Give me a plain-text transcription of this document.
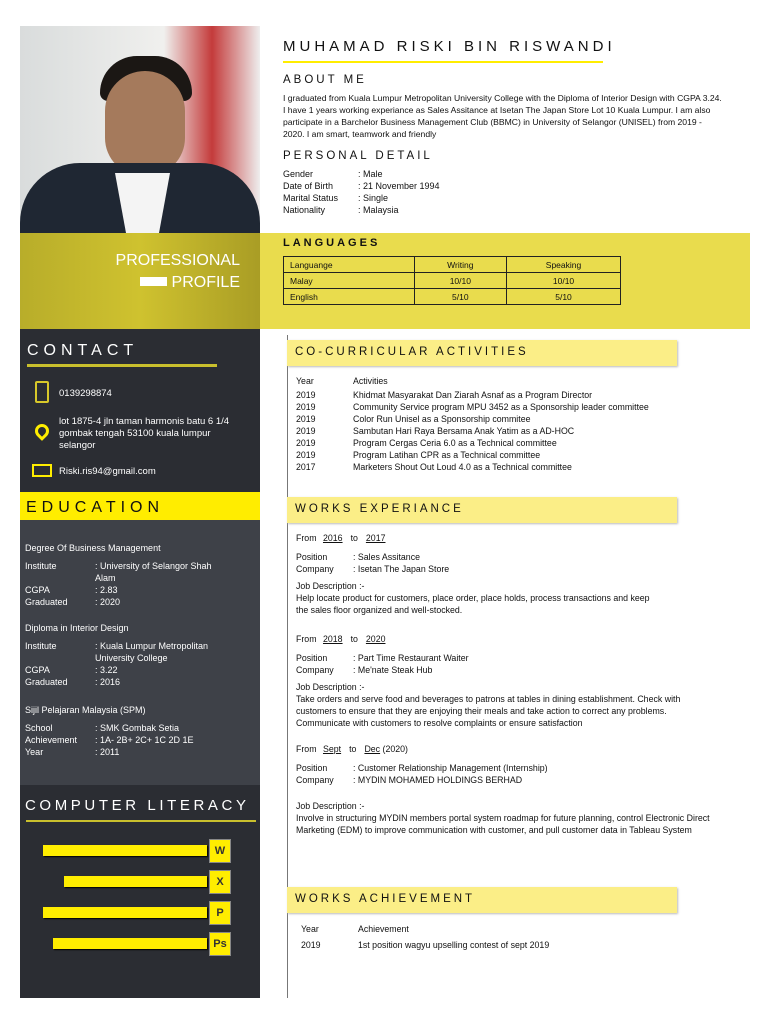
MUHAMAD RISKI BIN RISWANDI
ABOUT ME
I graduated from Kuala Lumpur Metropolitan University College with the Diploma of Interior Design with CGPA 3.24. I have 1 years working experiance as Sales Assitance at Isetan The Japan Store Lot 10 Kuala Lumpur. I am also participate in a Barchelor Business Management Club (BBMC) in University of Selangor (UNISEL) from 2019 - 2020. I am smart, teamwork and friendly
PERSONAL DETAIL
Gender	: Male
Date of Birth	: 21 November 1994
Marital Status	: Single
Nationality	: Malaysia
PROFESSIONAL
PROFILE
LANGUAGES
Languange	Writing	Speaking
Malay	10/10	10/10
English	5/10	5/10
CONTACT
0139298874
lot 1875-4 jln taman harmonis batu 6 1/4 gombak tengah 53100 kuala lumpur selangor
Riski.ris94@gmail.com
EDUCATION
Degree Of Business Management
Institute	: University of Selangor Shah Alam
CGPA	: 2.83
Graduated	: 2020
Diploma in Interior Design
Institute	: Kuala Lumpur Metropolitan University College
CGPA	: 3.22
Graduated	: 2016
Sijil Pelajaran Malaysia (SPM)
School	: SMK Gombak Setia
Achievement	: 1A- 2B+ 2C+ 1C 2D 1E
Year	: 2011
COMPUTER LITERACY
W
X
P
Ps
CO-CURRICULAR ACTIVITIES
Year	Activities
2019	Khidmat Masyarakat Dan Ziarah Asnaf as a Program Director
2019	Community Service program MPU 3452 as a Sponsorship leader committee
2019	Color Run Unisel as a Sponsorship commitee
2019	Sambutan Hari Raya Bersama Anak Yatim as a AD-HOC
2019	Program Cergas Ceria 6.0 as a Technical committee
2019	Program Latihan CPR as a Technical committee
2017	Marketers Shout Out Loud 4.0 as a Technical committee
WORKS EXPERIANCE
From 2016 to 2017
Position	: Sales Assitance
Company	: Isetan The Japan Store
Job Description :-
Help locate product for customers, place order, place holds, process transactions and keep the sales floor organized and well-stocked.
From 2018 to 2020
Position	: Part Time Restaurant Waiter
Company	: Me'nate Steak Hub
Job Description :-
Take orders and serve food and beverages to patrons at tables in dining establishment. Check with customers to ensure that they are enjoying their meals and take action to correct any problems. Communicate with customers to resolve complaints or ensure satisfaction
From Sept to Dec (2020)
Position	: Customer Relationship Management (Internship)
Company	: MYDIN MOHAMED HOLDINGS BERHAD
Job Description :-
Involve in structuring MYDIN members portal system roadmap for future planning, control Electronic Direct Marketing (EDM) to improve communication with customer, and pull customer data in Tableau System
WORKS ACHIEVEMENT
Year	Achievement
2019	1st position wagyu upselling contest of sept 2019
